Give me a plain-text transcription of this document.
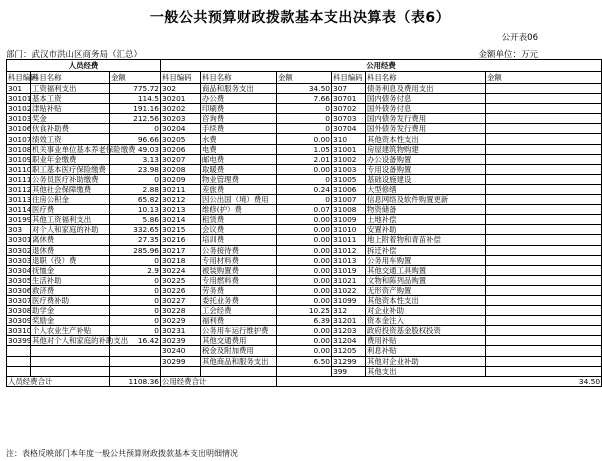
一般公共预算财政拨款基本支出决算表（表6）
公开表06
部门：武汉市洪山区商务局（汇总）	金额单位：万元
人员经费			公用经费					
科目编码	科目名称	金额	科目编码	科目名称	金额	科目编码	科目名称	金额
301	工资福利支出	775.72	302	商品和服务支出	34.50	307	债务利息及费用支出	
30101	基本工资	114.5	30201	办公费	7.66	30701	国内债务付息	
30102	津贴补贴	191.16	30202	印刷费	0	30702	国外债务付息	
30103	奖金	212.56	30203	咨询费	0	30703	国内债务发行费用	
30106	伙食补助费	0	30204	手续费	0	30704	国外债务发行费用	
30107	绩效工资	96.66	30205	水费	0.00	310	其他资本性支出	
30108	机关事业单位基本养老保险缴费	49.03	30206	电费	1.05	31001	房屋建筑物购建	
30109	职业年金缴费	3.13	30207	邮电费	2.01	31002	办公设备购置	
30110	职工基本医疗保险缴费	23.98	30208	取暖费	0.00	31003	专用设备购置	
30111	公务员医疗补助缴费	0	30209	物业管理费	0	31005	基础设施建设	
30112	其他社会保障缴费	2.88	30211	差旅费	0.24	31006	大型修缮	
30113	住房公积金	65.82	30212	因公出国（境）费用	0	31007	信息网络及软件购置更新	
30114	医疗费	10.13	30213	维修(护）费	0.07	31008	物资储备	
30199	其他工资福利支出	5.86	30214	租赁费	0.00	31009	土地补偿	
303	对个人和家庭的补助	332.65	30215	会议费	0.00	31010	安置补助	
30301	离休费	27.35	30216	培训费	0.00	31011	地上附着物和青苗补偿	
30302	退休费	285.96	30217	公务接待费	0.00	31012	拆迁补偿	
30303	退职（役）费	0	30218	专用材料费	0.00	31013	公务用车购置	
30304	抚恤金	2.9	30224	被装购置费	0.00	31019	其他交通工具购置	
30305	生活补助	0	30225	专用燃料费	0.00	31021	文物和陈列品购置	
30306	救济费	0	30226	劳务费	0.00	31022	无形资产购置	
30307	医疗费补助	0	30227	委托业务费	0.00	31099	其他资本性支出	
30308	助学金	0	30228	工会经费	10.25	312	对企业补助	
30309	奖励金	0	30229	福利费	6.39	31201	资本金注入	
30310	个人农业生产补贴	0	30231	公务用车运行维护费	0.00	31203	政府投资基金股权投资	
30399	其他对个人和家庭的补助支出	16.42	30239	其他交通费用	0.00	31204	费用补贴	
			30240	税金及附加费用	0.00	31205	利息补贴	
			30299	其他商品和服务支出	6.50	31299	其他对企业补助	
						399	其他支出	
人员经费合计		1108.36	公用经费合计		34.50			
注：表格反映部门本年度一般公共预算财政拨款基本支出明细情况
